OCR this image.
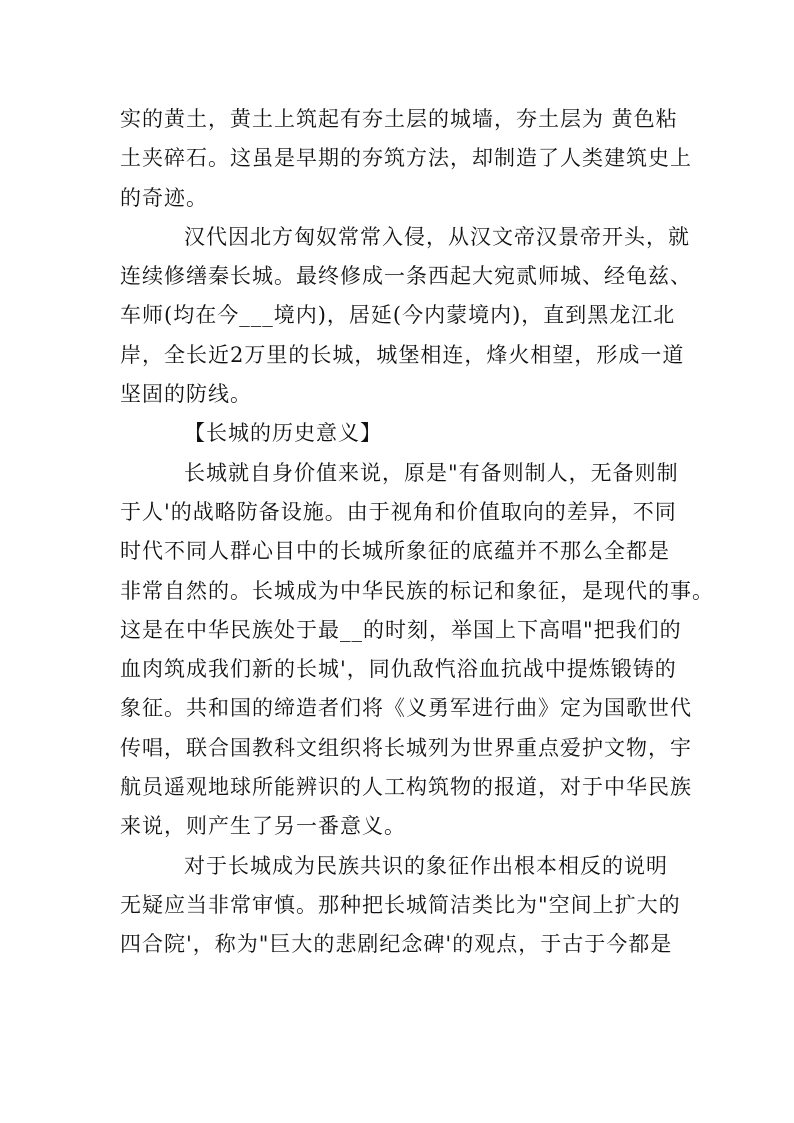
实的黄土，黄土上筑起有夯土层的城墙，夯土层为 黄色粘
土夹碎石。这虽是早期的夯筑方法，却制造了人类建筑史上
的奇迹。
汉代因北方匈奴常常入侵，从汉文帝汉景帝开头，就
连续修缮秦长城。最终修成一条西起大宛贰师城、经龟兹、
车师(均在今___境内)，居延(今内蒙境内)，直到黑龙江北
岸，全长近2万里的长城，城堡相连，烽火相望，形成一道
坚固的防线。
【长城的历史意义】
长城就自身价值来说，原是"有备则制人，无备则制
于人'的战略防备设施。由于视角和价值取向的差异，不同
时代不同人群心目中的长城所象征的底蕴并不那么全都是
非常自然的。长城成为中华民族的标记和象征，是现代的事。
这是在中华民族处于最__的时刻，举国上下高唱"把我们的
血肉筑成我们新的长城'，同仇敌忾浴血抗战中提炼锻铸的
象征。共和国的缔造者们将《义勇军进行曲》定为国歌世代
传唱，联合国教科文组织将长城列为世界重点爱护文物，宇
航员遥观地球所能辨识的人工构筑物的报道，对于中华民族
来说，则产生了另一番意义。
对于长城成为民族共识的象征作出根本相反的说明
无疑应当非常审慎。那种把长城简洁类比为"空间上扩大的
四合院'，称为"巨大的悲剧纪念碑'的观点，于古于今都是
